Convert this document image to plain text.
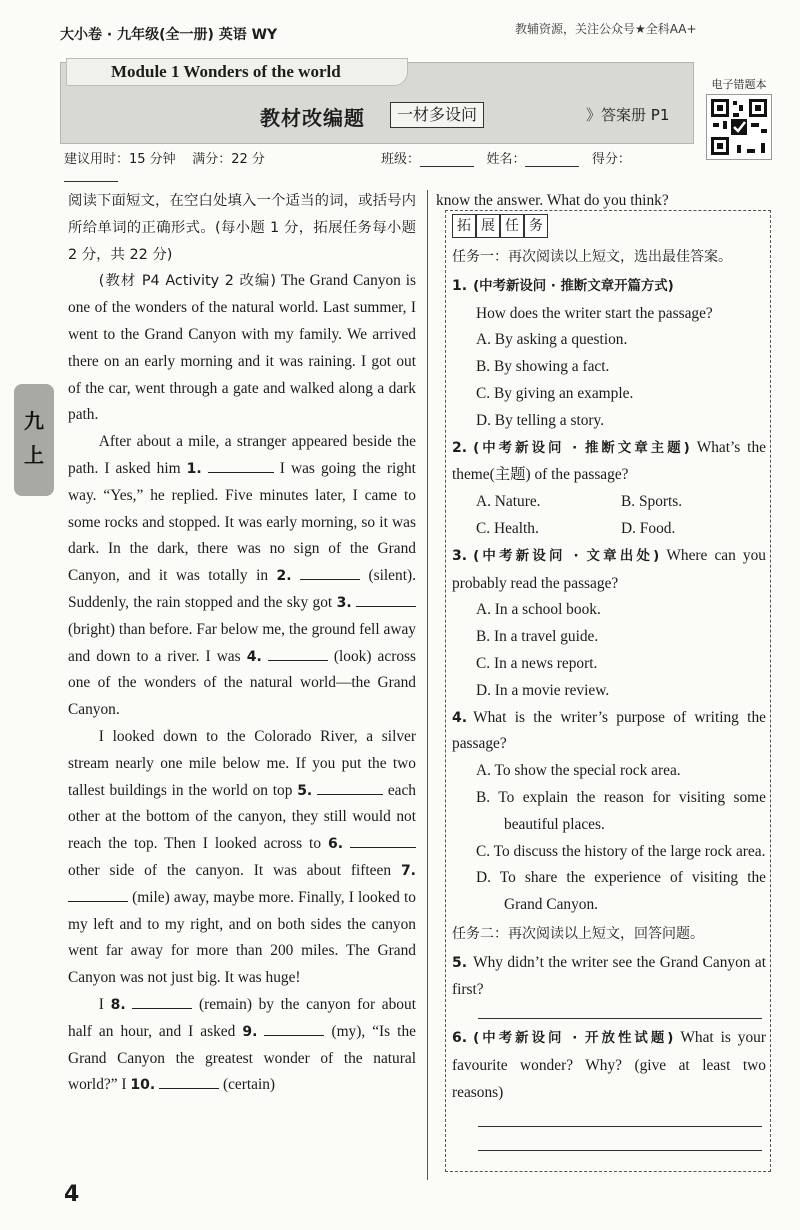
大小卷 · 九年级(全一册) 英语 WY	教辅资源，关注公众号★全科AA+
Module 1 Wonders of the world
教材改编题	一材多设问	》答案册 P1
电子错题本
建议用时：15 分钟 满分：22 分	班级：	姓名：	得分：
九
上

阅读下面短文，在空白处填入一个适当的词，或括号内所给单词的正确形式。(每小题 1 分，拓展任务每小题 2 分，共 22 分)

(教材 P4 Activity 2 改编) The Grand Canyon is one of the wonders of the natural world. Last summer, I went to the Grand Canyon with my family. We arrived there on an early morning and it was raining. I got out of the car, went through a gate and walked along a dark path.

After about a mile, a stranger appeared beside the path. I asked him 1.	I was going the right way. “Yes,” he replied. Five minutes later, I came to some rocks and stopped. It was early morning, so it was dark. In the dark, there was no sign of the Grand Canyon, and it was totally in 2.	(silent). Suddenly, the rain stopped and the sky got 3.  (bright) than before. Far below me, the ground fell away and down to a river. I was 4.	(look) across one of the wonders of the natural world—the Grand Canyon.

I looked down to the Colorado River, a silver stream nearly one mile below me. If you put the two tallest buildings in the world on top 5.	each other at the bottom of the canyon, they still would not reach the top. Then I looked across to 6.  other side of the canyon. It was about fifteen 7.  (mile) away, maybe more. Finally, I looked to my left and to my right, and on both sides the canyon went far away for more than 200 miles. The Grand Canyon was not just big. It was huge!

I 8.	(remain) by the canyon for about half an hour, and I asked 9.	(my), “Is the Grand Canyon the greatest wonder of the natural world?” I 10.	(certain)

know the answer. What do you think?
拓 展 任 务

任务一：再次阅读以上短文，选出最佳答案。

1. (中考新设问 · 推断文章开篇方式)

How does the writer start the passage?

A. By asking a question.

B. By showing a fact.

C. By giving an example.

D. By telling a story.

2. (中考新设问 · 推断文章主题) What’s the theme(主题) of the passage?

A. Nature.	B. Sports.
C. Health.	D. Food.

3. (中考新设问 · 文章出处) Where can you probably read the passage?

A. In a school book.

B. In a travel guide.

C. In a news report.

D. In a movie review.

4. What is the writer’s purpose of writing the passage?

A. To show the special rock area.

B. To explain the reason for visiting some beautiful places.

C. To discuss the history of the large rock area.

D. To share the experience of visiting the Grand Canyon.

任务二：再次阅读以上短文，回答问题。

5. Why didn’t the writer see the Grand Canyon at first?

6. (中考新设问 · 开放性试题) What is your favourite wonder? Why? (give at least two reasons)

4
